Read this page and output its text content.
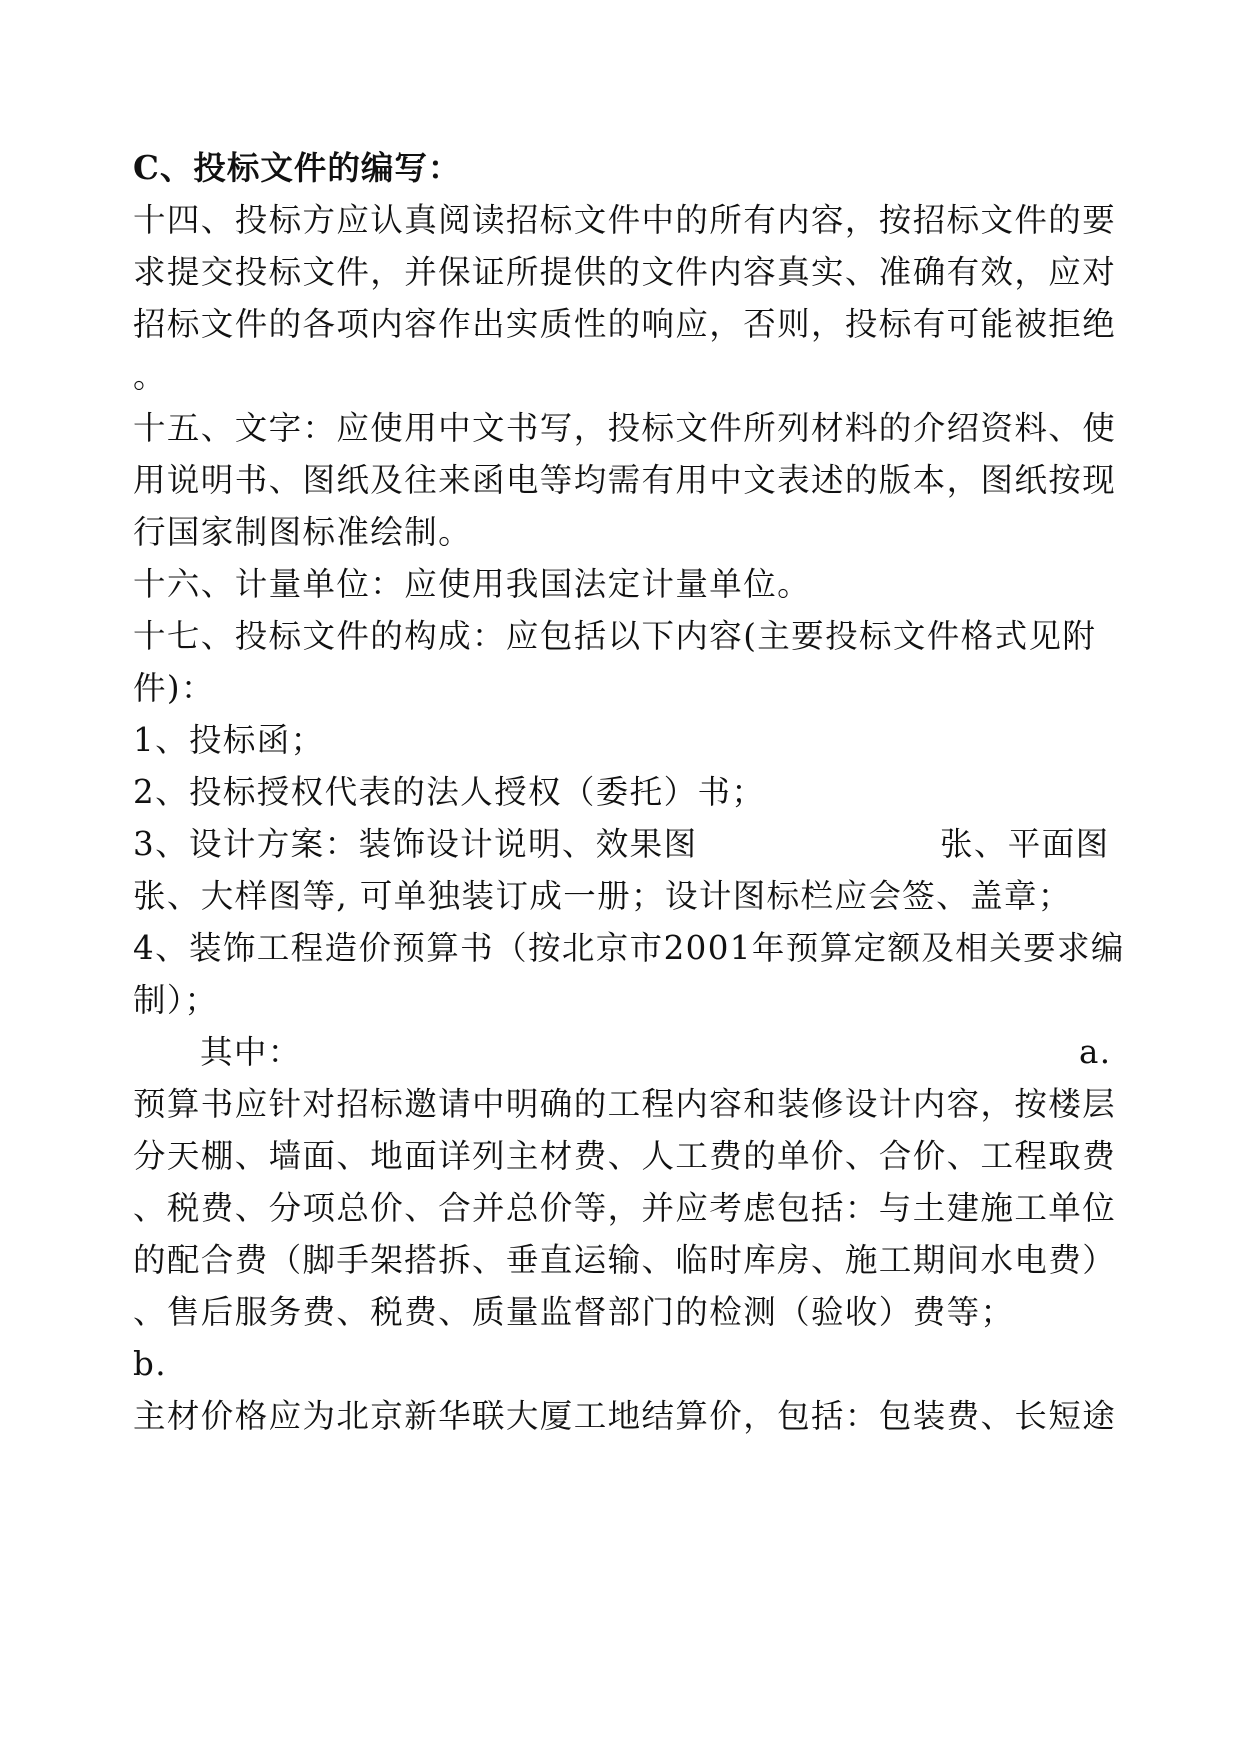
C、投标文件的编写：
十四、投标方应认真阅读招标文件中的所有内容，按招标文件的要
求提交投标文件，并保证所提供的文件内容真实、准确有效，应对
招标文件的各项内容作出实质性的响应，否则，投标有可能被拒绝
。
十五、文字：应使用中文书写，投标文件所列材料的介绍资料、使
用说明书、图纸及往来函电等均需有用中文表述的版本，图纸按现
行国家制图标准绘制。
十六、计量单位：应使用我国法定计量单位。
十七、投标文件的构成：应包括以下内容(主要投标文件格式见附
件)：
1、投标函；
2、投标授权代表的法人授权（委托）书；
3、设计方案：装饰设计说明、效果图	张、平面图
张、大样图等, 可单独装订成一册；设计图标栏应会签、盖章；
4、装饰工程造价预算书（按北京市2001年预算定额及相关要求编
制）；
其中：	a.
预算书应针对招标邀请中明确的工程内容和装修设计内容，按楼层
分天棚、墙面、地面详列主材费、人工费的单价、合价、工程取费
、税费、分项总价、合并总价等，并应考虑包括：与土建施工单位
的配合费（脚手架搭拆、垂直运输、临时库房、施工期间水电费）
、售后服务费、税费、质量监督部门的检测（验收）费等；
b.
主材价格应为北京新华联大厦工地结算价，包括：包装费、长短途
